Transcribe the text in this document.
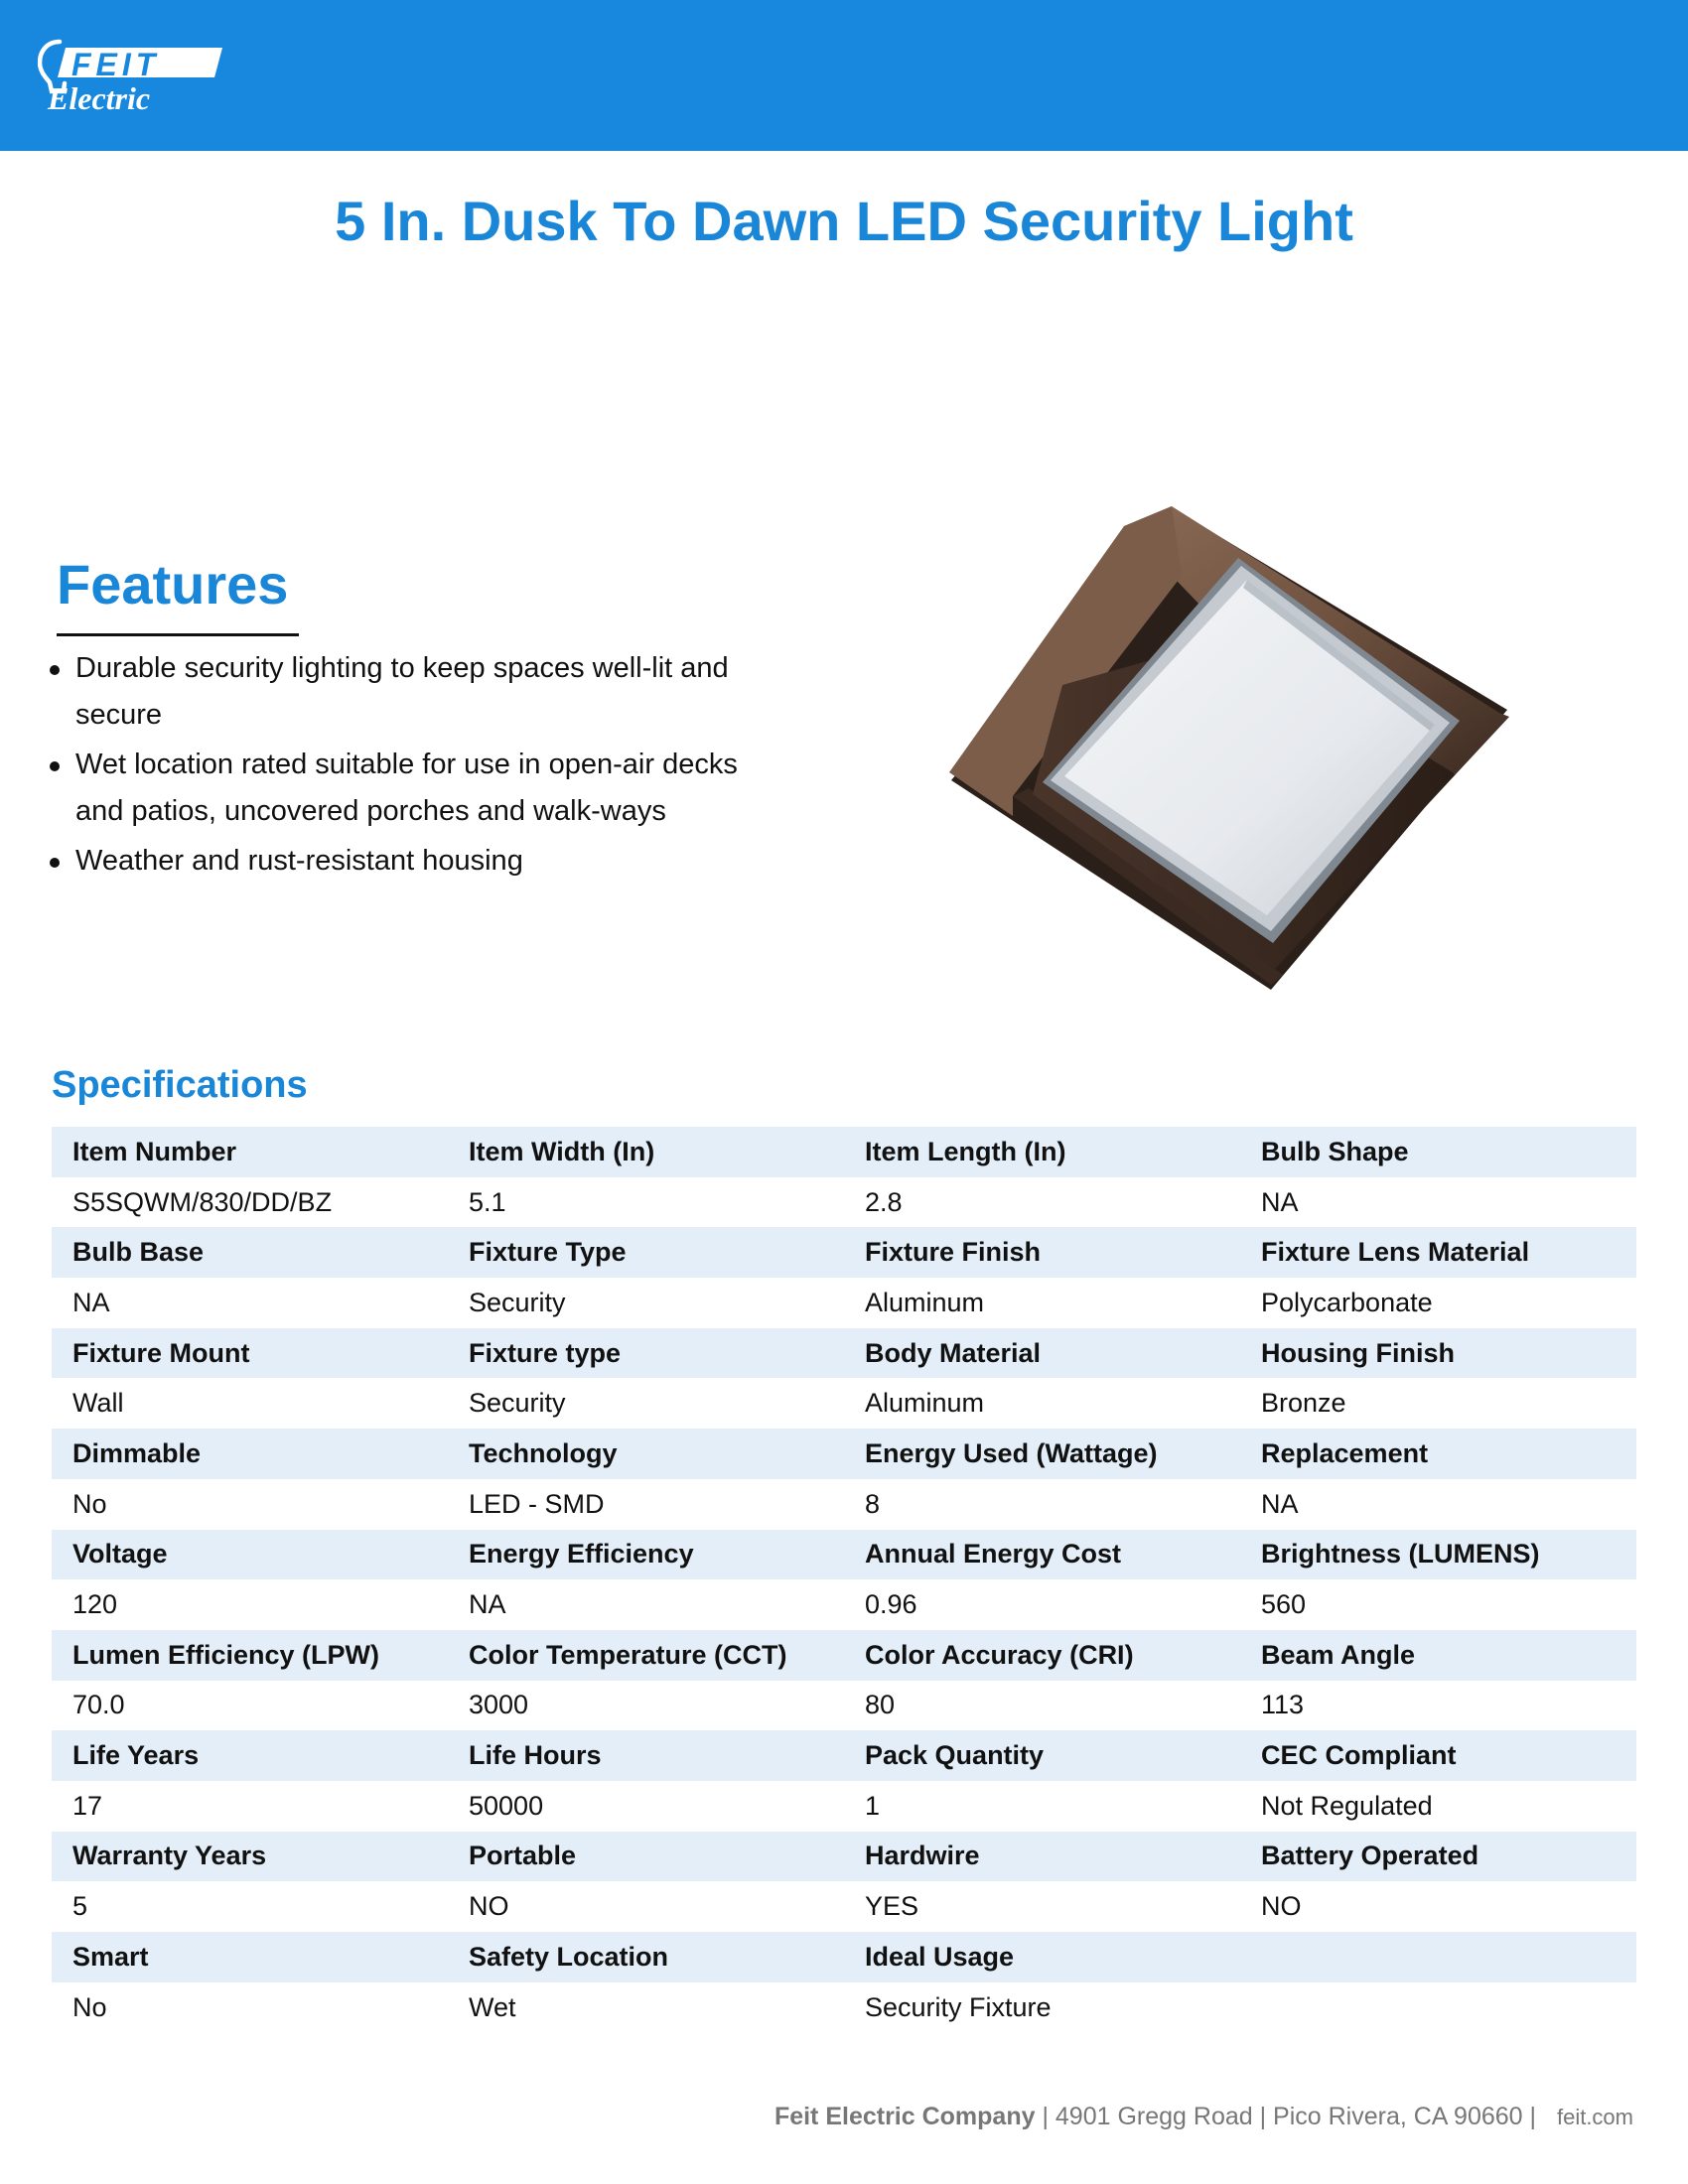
FEIT
Electric
5 In. Dusk To Dawn LED Security Light
Features
Durable security lighting to keep spaces well-lit and secure
Wet location rated suitable for use in open-air decks and patios, uncovered porches and walk-ways
Weather and rust-resistant housing
Specifications
Item Number	Item Width (In)	Item Length (In)	Bulb Shape
S5SQWM/830/DD/BZ	5.1	2.8	NA
Bulb Base	Fixture Type	Fixture Finish	Fixture Lens Material
NA	Security	Aluminum	Polycarbonate
Fixture Mount	Fixture type	Body Material	Housing Finish
Wall	Security	Aluminum	Bronze
Dimmable	Technology	Energy Used (Wattage)	Replacement
No	LED - SMD	8	NA
Voltage	Energy Efficiency	Annual Energy Cost	Brightness (LUMENS)
120	NA	0.96	560
Lumen Efficiency (LPW)	Color Temperature (CCT)	Color Accuracy (CRI)	Beam Angle
70.0	3000	80	113
Life Years	Life Hours	Pack Quantity	CEC Compliant
17	50000	1	Not Regulated
Warranty Years	Portable	Hardwire	Battery Operated
5	NO	YES	NO
Smart	Safety Location	Ideal Usage	
No	Wet	Security Fixture	
Feit Electric Company | 4901 Gregg Road | Pico Rivera, CA 90660 | feit.com
